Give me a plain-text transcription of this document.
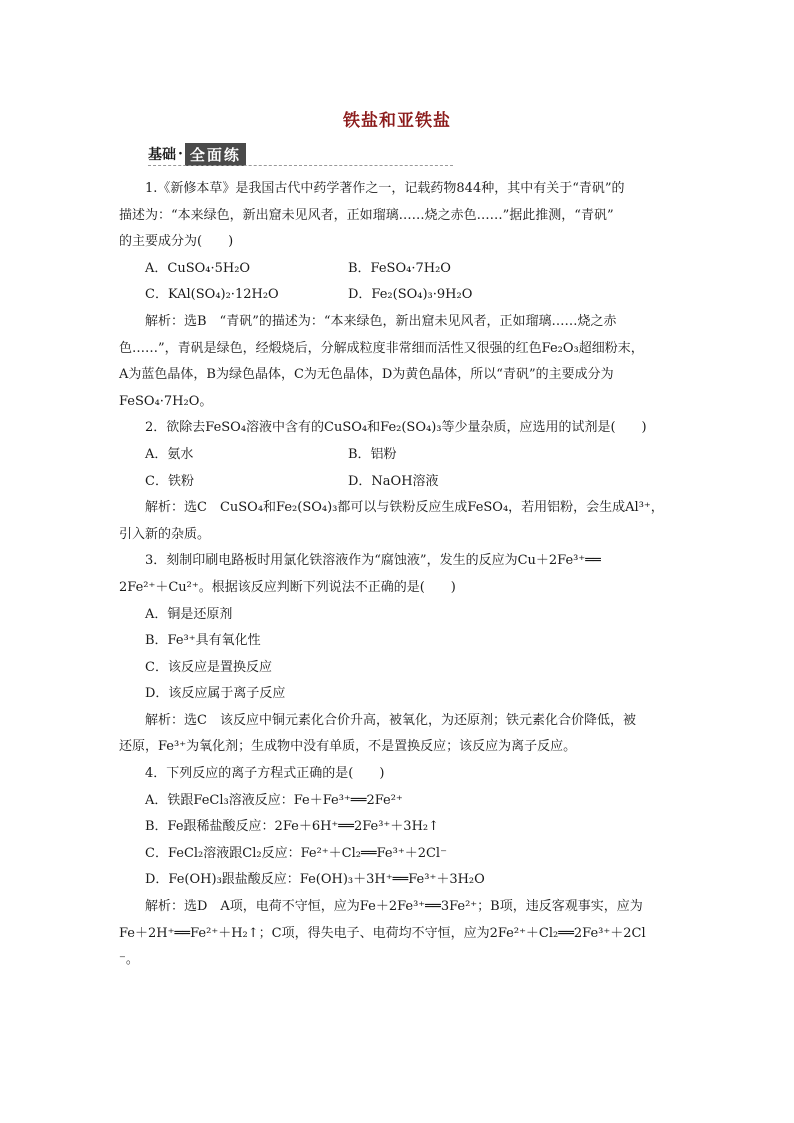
铁盐和亚铁盐
基础 · 全面练

1.《新修本草》是我国古代中药学著作之一，记载药物844种，其中有关于“青矾”的

描述为：“本来绿色，新出窟未见风者，正如瑠璃……烧之赤色……”据此推测，“青矾”

的主要成分为(　　)

A．CuSO₄·5H₂O	B．FeSO₄·7H₂O
C．KAl(SO₄)₂·12H₂O	D．Fe₂(SO₄)₃·9H₂O

解析：选B　“青矾”的描述为：“本来绿色，新出窟未见风者，正如瑠璃……烧之赤

色……”，青矾是绿色，经煅烧后，分解成粒度非常细而活性又很强的红色Fe₂O₃超细粉末，

A为蓝色晶体，B为绿色晶体，C为无色晶体，D为黄色晶体，所以“青矾”的主要成分为

FeSO₄·7H₂O。

2．欲除去FeSO₄溶液中含有的CuSO₄和Fe₂(SO₄)₃等少量杂质，应选用的试剂是(　　)

A．氨水	B．铝粉
C．铁粉	D．NaOH溶液

解析：选C　CuSO₄和Fe₂(SO₄)₃都可以与铁粉反应生成FeSO₄，若用铝粉，会生成Al³⁺，

引入新的杂质。

3．刻制印刷电路板时用氯化铁溶液作为“腐蚀液”，发生的反应为Cu＋2Fe³⁺══

2Fe²⁺＋Cu²⁺。根据该反应判断下列说法不正确的是(　　)

A．铜是还原剂

B．Fe³⁺具有氧化性

C．该反应是置换反应

D．该反应属于离子反应

解析：选C　该反应中铜元素化合价升高，被氧化，为还原剂；铁元素化合价降低，被

还原，Fe³⁺为氧化剂；生成物中没有单质，不是置换反应；该反应为离子反应。

4．下列反应的离子方程式正确的是(　　)

A．铁跟FeCl₃溶液反应：Fe＋Fe³⁺══2Fe²⁺

B．Fe跟稀盐酸反应：2Fe＋6H⁺══2Fe³⁺＋3H₂↑

C．FeCl₂溶液跟Cl₂反应：Fe²⁺＋Cl₂══Fe³⁺＋2Cl⁻

D．Fe(OH)₃跟盐酸反应：Fe(OH)₃＋3H⁺══Fe³⁺＋3H₂O

解析：选D　A项，电荷不守恒，应为Fe＋2Fe³⁺══3Fe²⁺；B项，违反客观事实，应为

Fe＋2H⁺══Fe²⁺＋H₂↑；C项，得失电子、电荷均不守恒，应为2Fe²⁺＋Cl₂══2Fe³⁺＋2Cl

⁻。
